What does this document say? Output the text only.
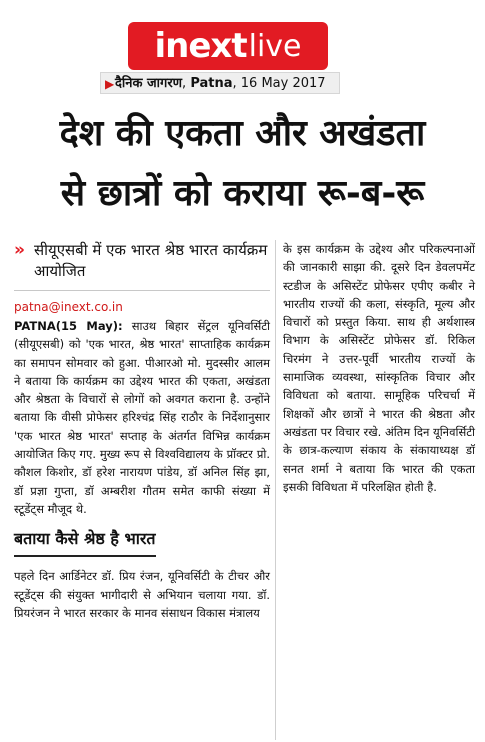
inext live
▶ दैनिक जागरण, Patna, 16 May 2017
देश की एकता और अखंडता
से छात्रों को कराया रू-ब-रू
» सीयूएसबी में एक भारत श्रेष्ठ भारत कार्यक्रम आयोजित
patna@inext.co.in

PATNA(15 May): साउथ बिहार सेंट्रल यूनिवर्सिटी (सीयूएसबी) को 'एक भारत, श्रेष्ठ भारत' साप्ताहिक कार्यक्रम का समापन सोमवार को हुआ. पीआरओ मो. मुदस्सीर आलम ने बताया कि कार्यक्रम का उद्देश्य भारत की एकता, अखंडता और श्रेष्ठता के विचारों से लोगों को अवगत कराना है. उन्होंने बताया कि वीसी प्रोफेसर हरिश्चंद्र सिंह राठौर के निर्देशानुसार 'एक भारत श्रेष्ठ भारत' सप्ताह के अंतर्गत विभिन्न कार्यक्रम आयोजित किए गए. मुख्य रूप से विश्वविद्यालय के प्रॉक्टर प्रो. कौशल किशोर, डॉ हरेश नारायण पांडेय, डॉ अनिल सिंह झा, डॉ प्रज्ञा गुप्ता, डॉ अम्बरीश गौतम समेत काफी संख्या में स्टूडेंट्स मौजूद थे.

बताया कैसे श्रेष्ठ है भारत

पहले दिन आर्डिनेटर डॉ. प्रिय रंजन, यूनिवर्सिटी के टीचर और स्टूडेंट्स की संयुक्त भागीदारी से अभियान चलाया गया. डॉ. प्रियरंजन ने भारत सरकार के मानव संसाधन विकास मंत्रालय

के इस कार्यक्रम के उद्देश्य और परिकल्पनाओं की जानकारी साझा की. दूसरे दिन डेवलपमेंट स्टडीज के असिस्टेंट प्रोफेसर एपीए कबीर ने भारतीय राज्यों की कला, संस्कृति, मूल्य और विचारों को प्रस्तुत किया. साथ ही अर्थशास्त्र विभाग के असिस्टेंट प्रोफेसर डॉ. रिकिल चिरमंग ने उत्तर-पूर्वी भारतीय राज्यों के सामाजिक व्यवस्था, सांस्कृतिक विचार और विविधता को बताया. सामूहिक परिचर्चा में शिक्षकों और छात्रों ने भारत की श्रेष्ठता और अखंडता पर विचार रखे. अंतिम दिन यूनिवर्सिटी के छात्र-कल्याण संकाय के संकायाध्यक्ष डॉ सनत शर्मा ने बताया कि भारत की एकता इसकी विविधता में परिलक्षित होती है.
